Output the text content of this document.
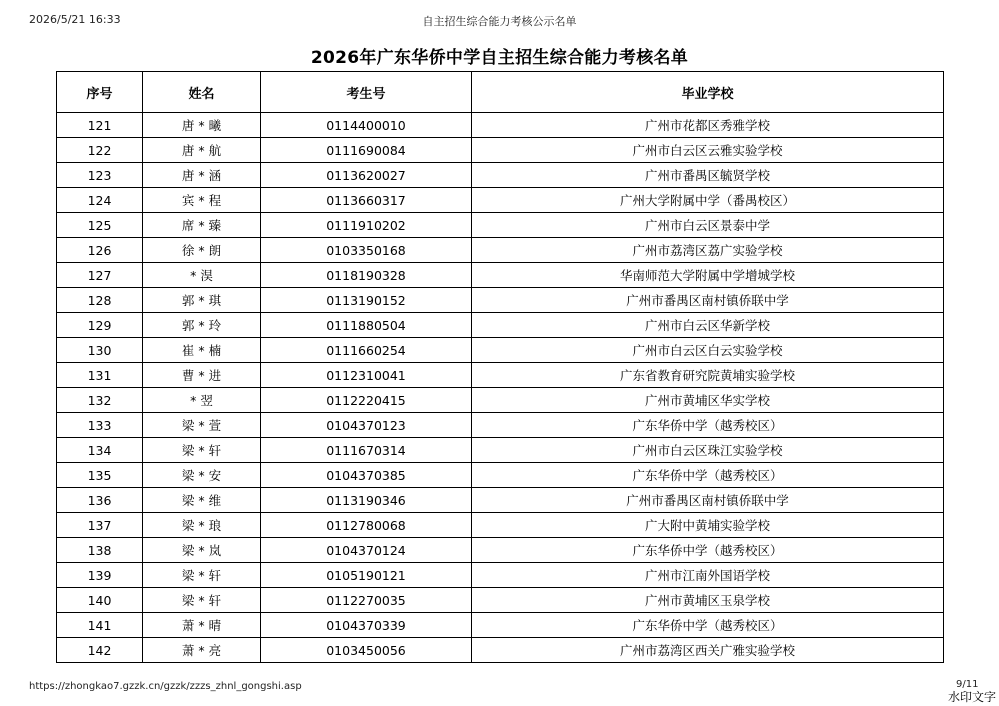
2026/5/21 16:33	自主招生综合能力考核公示名单
2026年广东华侨中学自主招生综合能力考核名单
序号	姓名	考生号	毕业学校
121	唐 * 曦	0114400010	广州市花都区秀雅学校
122	唐 * 航	0111690084	广州市白云区云雅实验学校
123	唐 * 涵	0113620027	广州市番禺区毓贤学校
124	宾 * 程	0113660317	广州大学附属中学（番禺校区）
125	席 * 臻	0111910202	广州市白云区景泰中学
126	徐 * 朗	0103350168	广州市荔湾区荔广实验学校
127	* 淏	0118190328	华南师范大学附属中学增城学校
128	郭 * 琪	0113190152	广州市番禺区南村镇侨联中学
129	郭 * 玲	0111880504	广州市白云区华新学校
130	崔 * 楠	0111660254	广州市白云区白云实验学校
131	曹 * 进	0112310041	广东省教育研究院黄埔实验学校
132	* 翌	0112220415	广州市黄埔区华实学校
133	梁 * 萱	0104370123	广东华侨中学（越秀校区）
134	梁 * 轩	0111670314	广州市白云区珠江实验学校
135	梁 * 安	0104370385	广东华侨中学（越秀校区）
136	梁 * 维	0113190346	广州市番禺区南村镇侨联中学
137	梁 * 琅	0112780068	广大附中黄埔实验学校
138	梁 * 岚	0104370124	广东华侨中学（越秀校区）
139	梁 * 轩	0105190121	广州市江南外国语学校
140	梁 * 轩	0112270035	广州市黄埔区玉泉学校
141	萧 * 晴	0104370339	广东华侨中学（越秀校区）
142	萧 * 亮	0103450056	广州市荔湾区西关广雅实验学校
https://zhongkao7.gzzk.cn/gzzk/zzzs_zhnl_gongshi.asp	9/11
水印文字
